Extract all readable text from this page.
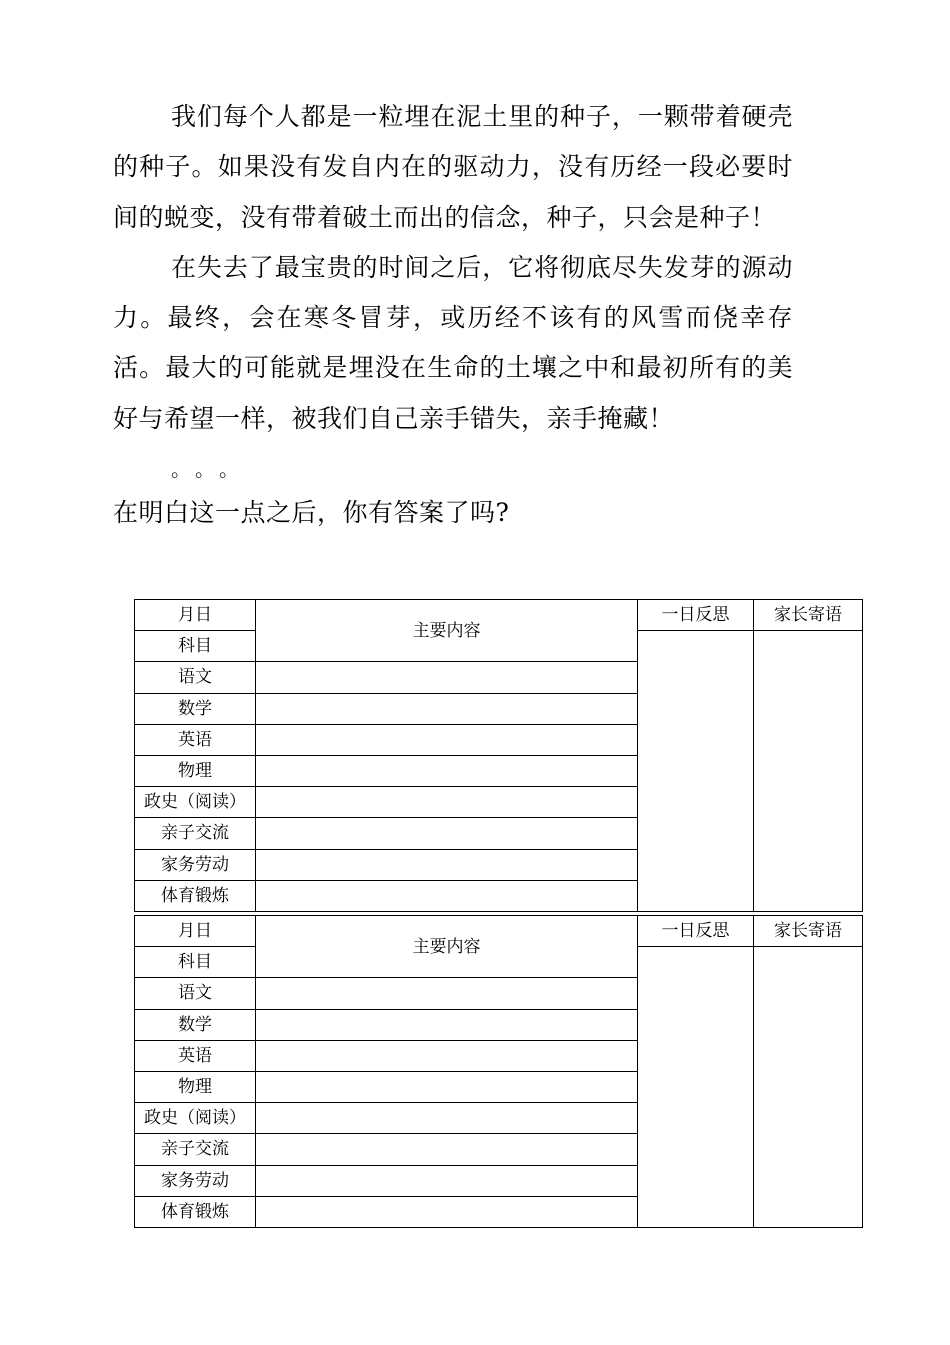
我们每个人都是一粒埋在泥土里的种子，一颗带着硬壳的种子。如果没有发自内在的驱动力，没有历经一段必要时间的蜕变，没有带着破土而出的信念，种子，只会是种子！

在失去了最宝贵的时间之后，它将彻底尽失发芽的源动力。最终，会在寒冬冒芽，或历经不该有的风雪而侥幸存活。最大的可能就是埋没在生命的土壤之中和最初所有的美好与希望一样，被我们自己亲手错失，亲手掩藏！

。。。

在明白这一点之后，你有答案了吗?

月日	主要内容	一日反思	家长寄语
科目			
语文			
数学			
英语			
物理			
政史（阅读）			
亲子交流			
家务劳动			
体育锻炼			
月日	主要内容	一日反思	家长寄语
科目			
语文			
数学			
英语			
物理			
政史（阅读）			
亲子交流			
家务劳动			
体育锻炼			
